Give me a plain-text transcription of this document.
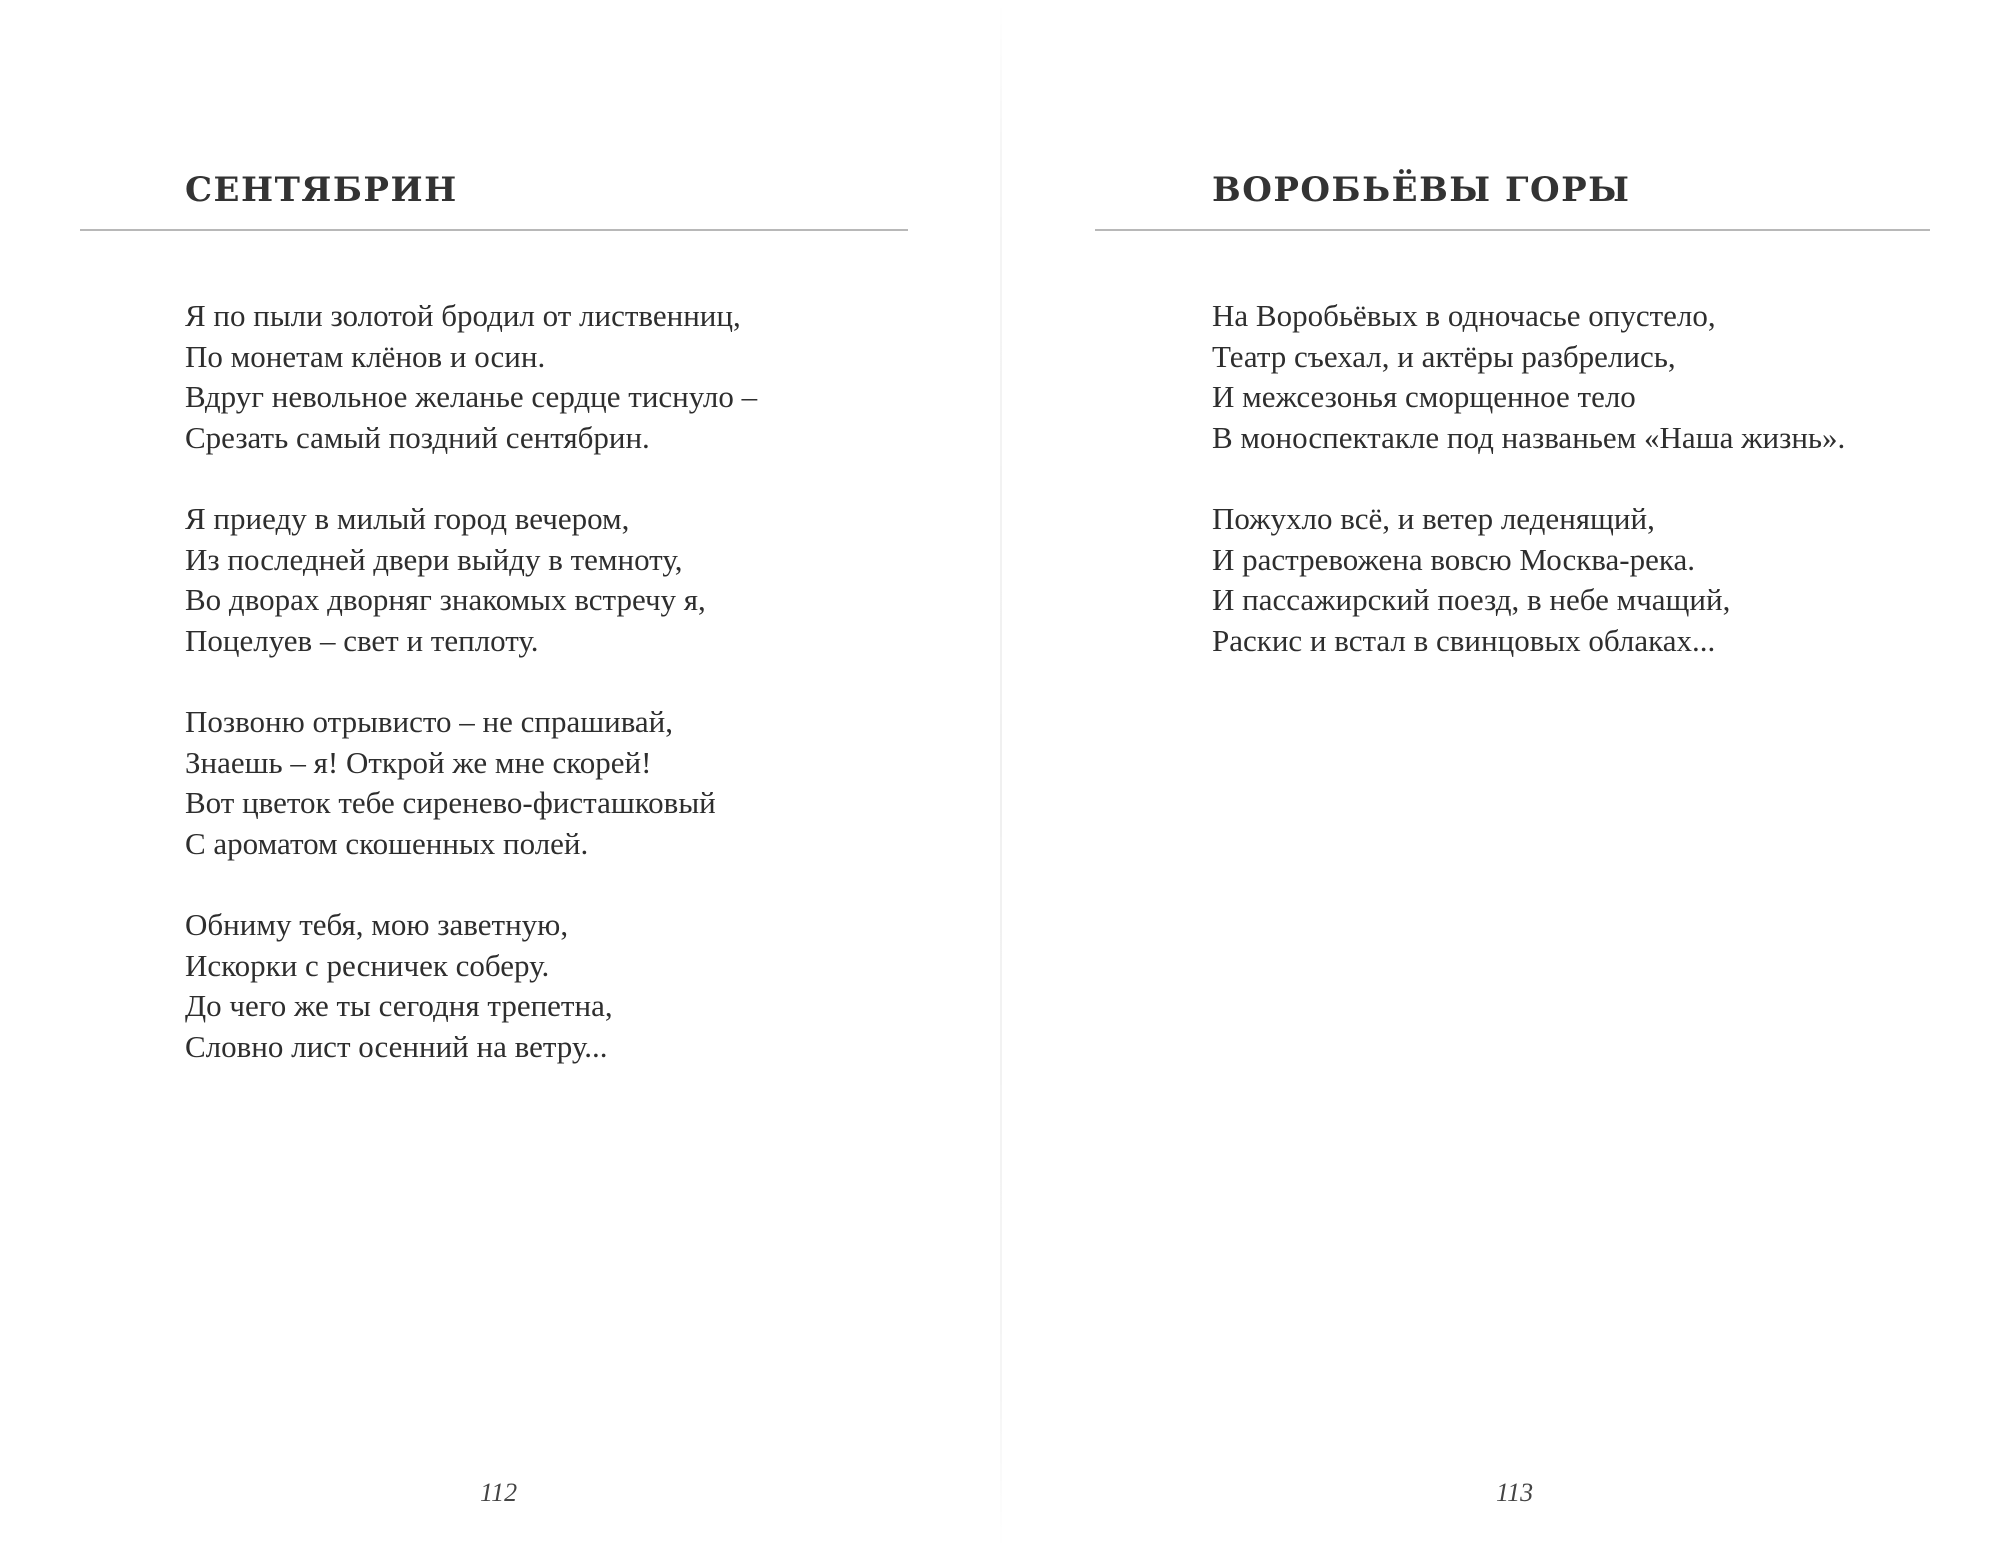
СЕНТЯБРИН
Я по пыли золотой бродил от лиственниц,
По монетам клёнов и осин.
Вдруг невольное желанье сердце тиснуло –
Срезать самый поздний сентябрин.
Я приеду в милый город вечером,
Из последней двери выйду в темноту,
Во дворах дворняг знакомых встречу я,
Поцелуев – свет и теплоту.
Позвоню отрывисто – не спрашивай,
Знаешь – я! Открой же мне скорей!
Вот цветок тебе сиренево-фисташковый
С ароматом скошенных полей.
Обниму тебя, мою заветную,
Искорки с ресничек соберу.
До чего же ты сегодня трепетна,
Словно лист осенний на ветру...
112
ВОРОБЬЁВЫ ГОРЫ
На Воробьёвых в одночасье опустело,
Театр съехал, и актёры разбрелись,
И межсезонья сморщенное тело
В моноспектакле под названьем «Наша жизнь».
Пожухло всё, и ветер леденящий,
И растревожена вовсю Москва-река.
И пассажирский поезд, в небе мчащий,
Раскис и встал в свинцовых облаках...
113
